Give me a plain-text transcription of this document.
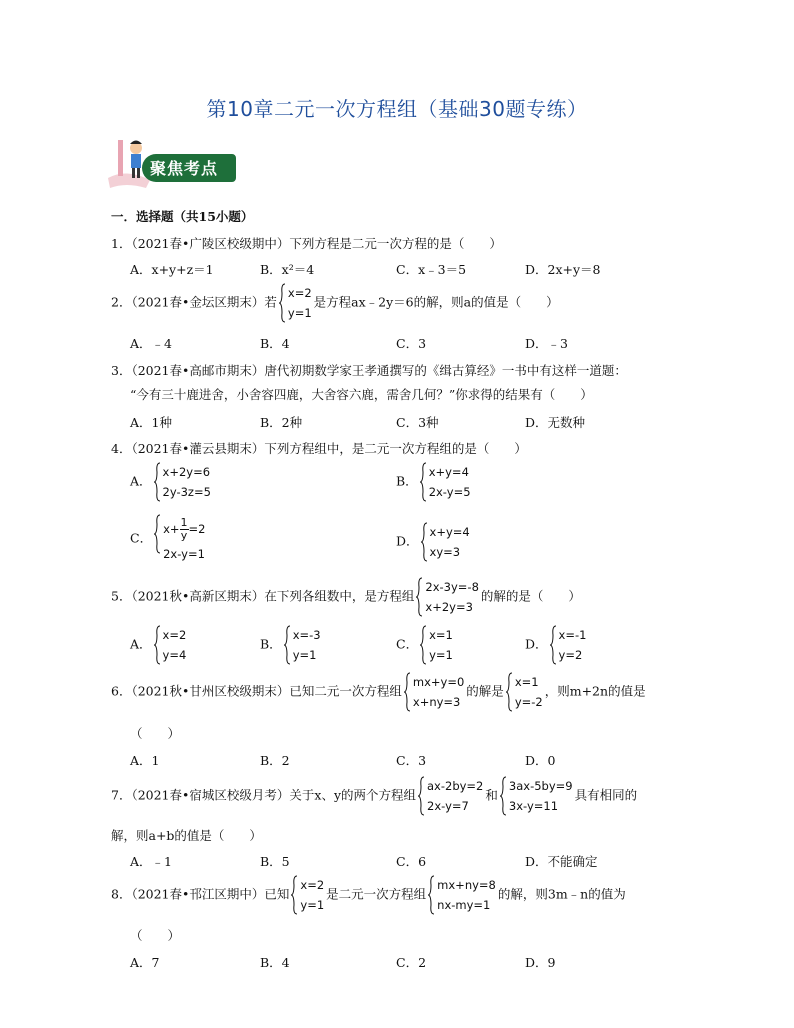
第10章二元一次方程组（基础30题专练）
聚焦考点
一．选择题（共15小题）
1．（2021春•广陵区校级期中）下列方程是二元一次方程的是（　　）
A．x+y+z＝1	B．x²＝4	C．x﹣3＝5	D．2x+y＝8
2．（2021春•金坛区期末）若
x=2
y=1
是方程ax﹣2y＝6的解，则a的值是（　　）
A．﹣4	B．4	C．3	D．﹣3
3．（2021春•高邮市期末）唐代初期数学家王孝通撰写的《缉古算经》一书中有这样一道题：
“今有三十鹿进舍，小舍容四鹿，大舍容六鹿，需舍几何？”你求得的结果有（　　）
A．1种	B．2种	C．3种	D．无数种
4．（2021春•灌云县期末）下列方程组中，是二元一次方程组的是（　　）
A．
x+2y=6
2y-3z=5
B．
x+y=4
2x-y=5
C．
$x+ \frac{1}{y} =2$
2x-y=1
D．
x+y=4
xy=3
5．（2021秋•高新区期末）在下列各组数中，是方程组
2x-3y=-8
x+2y=3
的解的是（　　）
A．
x=2
y=4
B．
x=-3
y=1
C．
x=1
y=1
D．
x=-1
y=2
6．（2021秋•甘州区校级期末）已知二元一次方程组
mx+y=0
x+ny=3
的解是
x=1
y=-2
，则m+2n的值是
（　　）
A．1	B．2	C．3	D．0
7．（2021春•宿城区校级月考）关于x、y的两个方程组
ax-2by=2
2x-y=7
和
3ax-5by=9
3x-y=11
具有相同的
解，则a+b的值是（　　）
A．﹣1	B．5	C．6	D．不能确定
8．（2021春•邗江区期中）已知
x=2
y=1
是二元一次方程组
mx+ny=8
nx-my=1
的解，则3m﹣n的值为
（　　）
A．7	B．4	C．2	D．9
